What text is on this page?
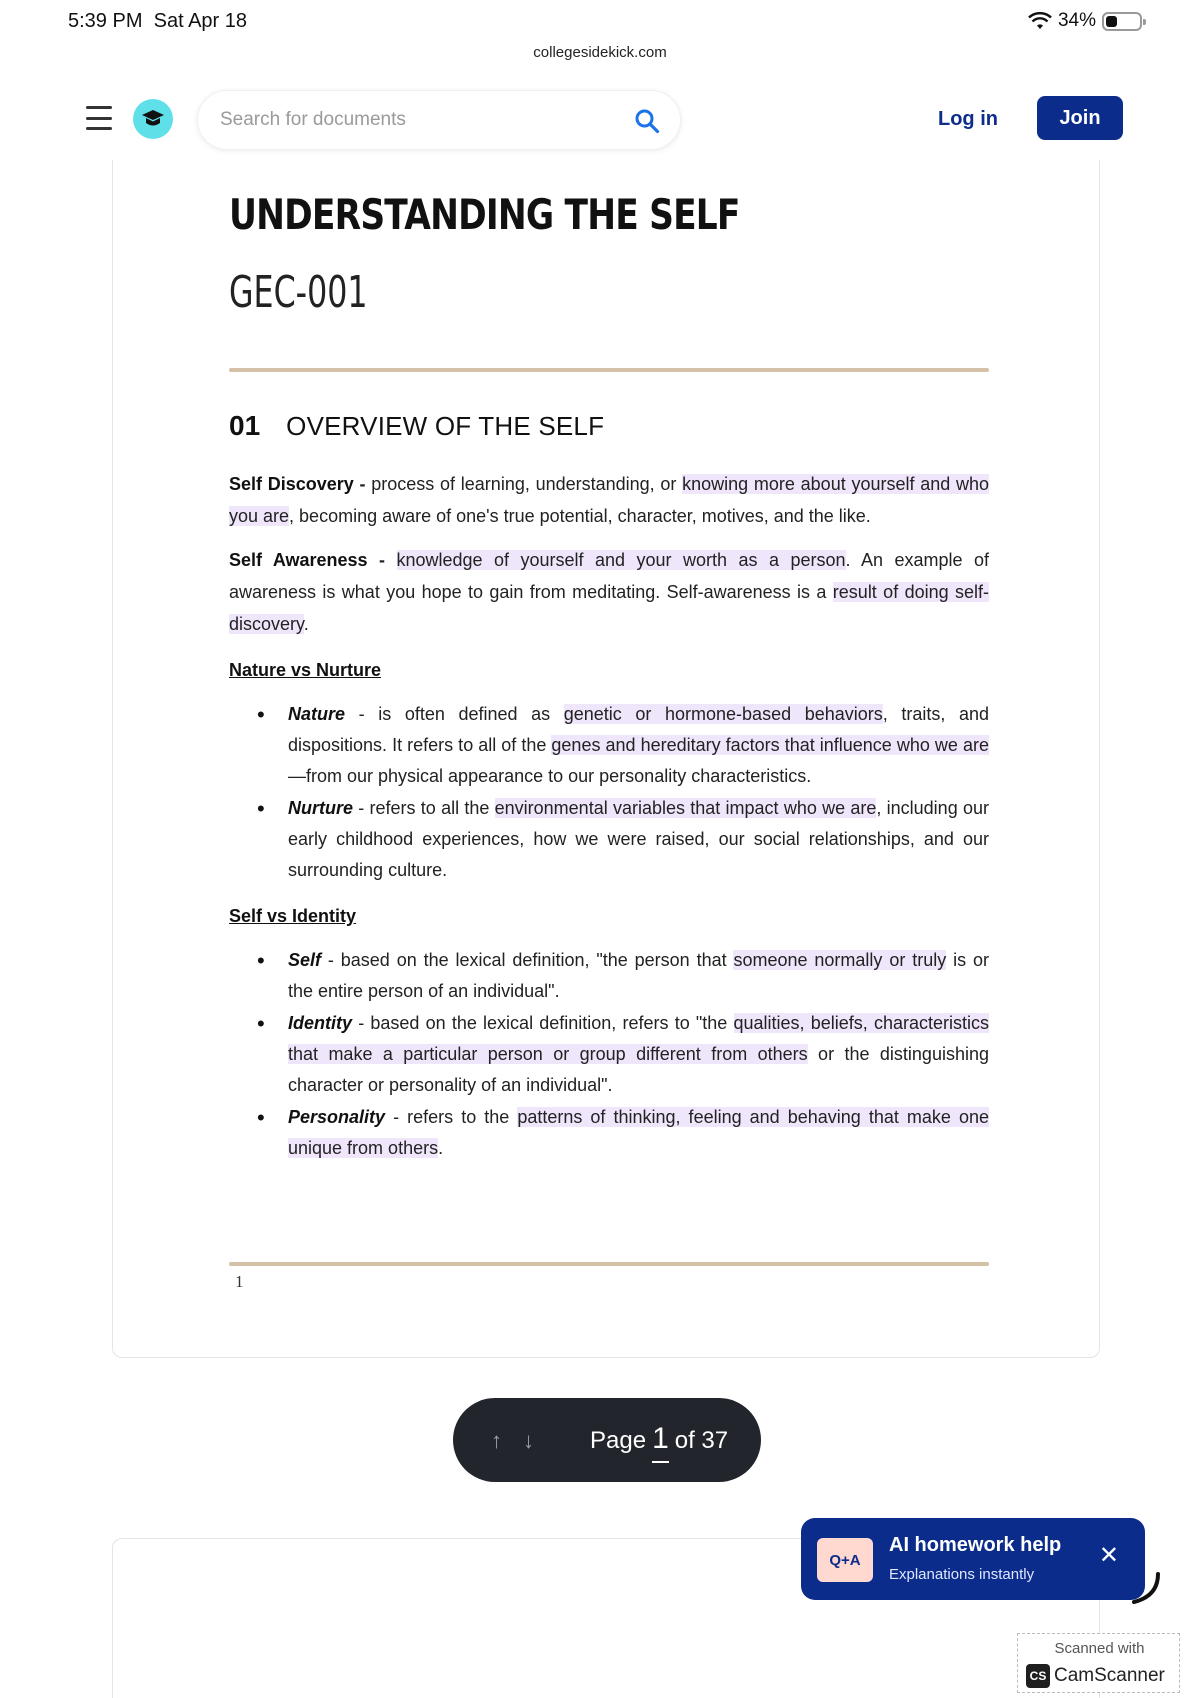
5:39 PM Sat Apr 18	34%
collegesidekick.com
Search for documents
Log in	Join
UNDERSTANDING THE SELF
GEC-001
01 OVERVIEW OF THE SELF

Self Discovery - process of learning, understanding, or knowing more about yourself and who you are, becoming aware of one's true potential, character, motives, and the like.

Self Awareness - knowledge of yourself and your worth as a person. An example of awareness is what you hope to gain from meditating. Self-awareness is a result of doing self-discovery.

Nature vs Nurture
• Nature - is often defined as genetic or hormone-based behaviors, traits, and dispositions. It refers to all of the genes and hereditary factors that influence who we are—from our physical appearance to our personality characteristics.
• Nurture - refers to all the environmental variables that impact who we are, including our early childhood experiences, how we were raised, our social relationships, and our surrounding culture.
Self vs Identity
• Self - based on the lexical definition, "the person that someone normally or truly is or the entire person of an individual".
• Identity - based on the lexical definition, refers to "the qualities, beliefs, characteristics that make a particular person or group different from others or the distinguishing character or personality of an individual".
• Personality - refers to the patterns of thinking, feeling and behaving that make one unique from others.
1
↑ ↓ Page 1 of 37
Q+A
AI homework help
Explanations instantly
✕
Scanned with
CS CamScanner
